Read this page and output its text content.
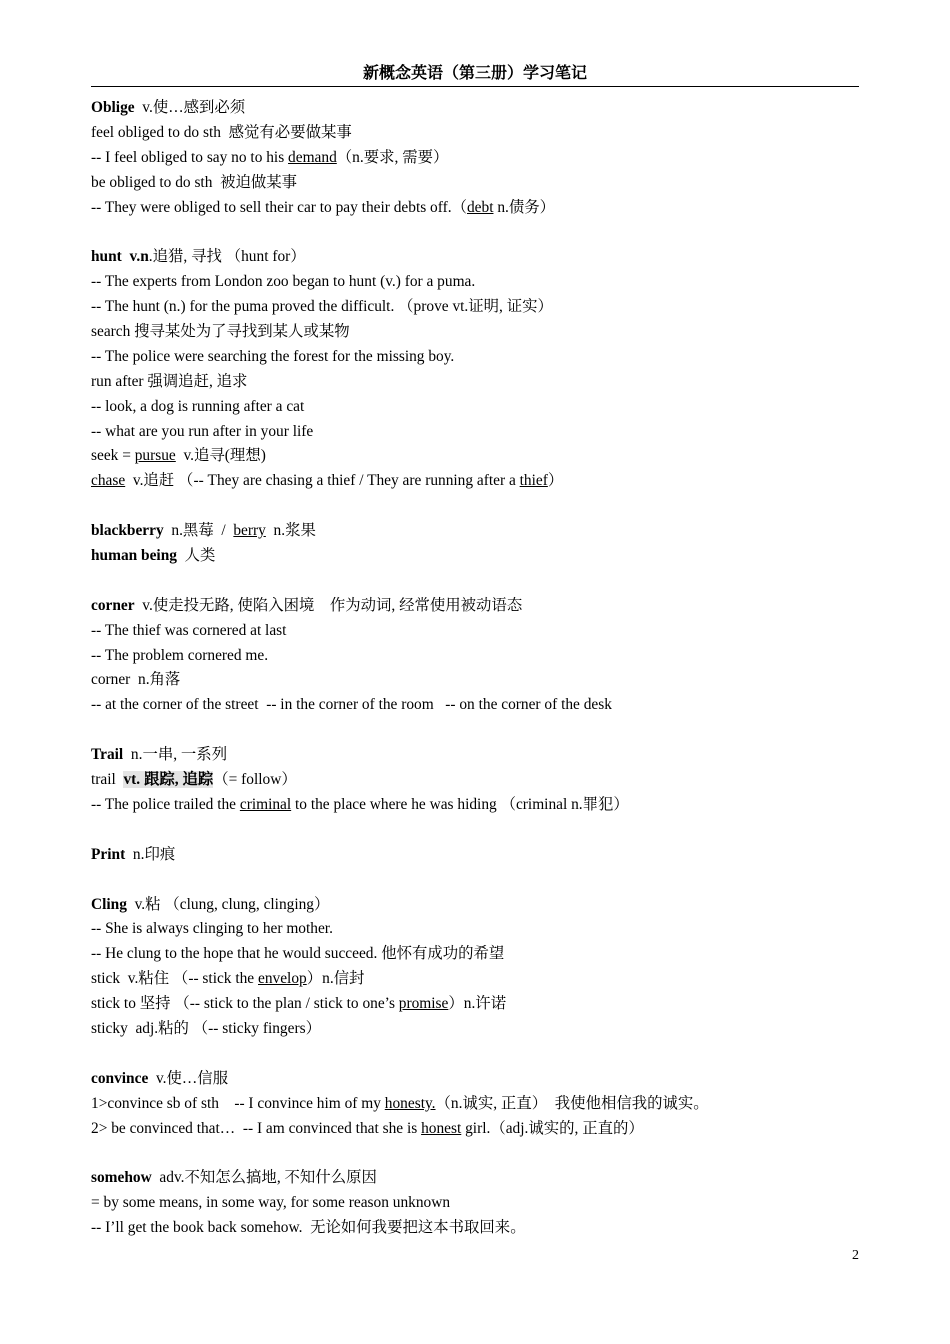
新概念英语（第三册）学习笔记
Oblige  v.使…感到必须
feel obliged to do sth  感觉有必要做某事
-- I feel obliged to say no to his demand（n.要求, 需要）
be obliged to do sth  被迫做某事
-- They were obliged to sell their car to pay their debts off.（debt n.债务）
hunt  v.n.追猎, 寻找 （hunt for）
-- The experts from London zoo began to hunt (v.) for a puma.
-- The hunt (n.) for the puma proved the difficult. （prove vt.证明, 证实）
search 搜寻某处为了寻找到某人或某物
-- The police were searching the forest for the missing boy.
run after 强调追赶, 追求
-- look, a dog is running after a cat
-- what are you run after in your life
seek = pursue  v.追寻(理想)
chase  v.追赶 （-- They are chasing a thief / They are running after a thief）
blackberry  n.黑莓  /  berry  n.浆果
human being  人类
corner  v.使走投无路, 使陷入困境    作为动词, 经常使用被动语态
-- The thief was cornered at last
-- The problem cornered me.
corner  n.角落
-- at the corner of the street  -- in the corner of the room   -- on the corner of the desk
Trail  n.一串, 一系列
trail  vt. 跟踪, 追踪（= follow）
-- The police trailed the criminal to the place where he was hiding （criminal n.罪犯）
Print  n.印痕
Cling  v.粘 （clung, clung, clinging）
-- She is always clinging to her mother.
-- He clung to the hope that he would succeed. 他怀有成功的希望
stick  v.粘住 （-- stick the envelop）n.信封
stick to 坚持 （-- stick to the plan / stick to one’s promise）n.许诺
sticky  adj.粘的 （-- sticky fingers）
convince  v.使…信服
1>convince sb of sth    -- I convince him of my honesty.（n.诚实, 正直）  我使他相信我的诚实。
2> be convinced that…  -- I am convinced that she is honest girl.（adj.诚实的, 正直的）
somehow  adv.不知怎么搞地, 不知什么原因
= by some means, in some way, for some reason unknown
-- I’ll get the book back somehow.  无论如何我要把这本书取回来。
2
